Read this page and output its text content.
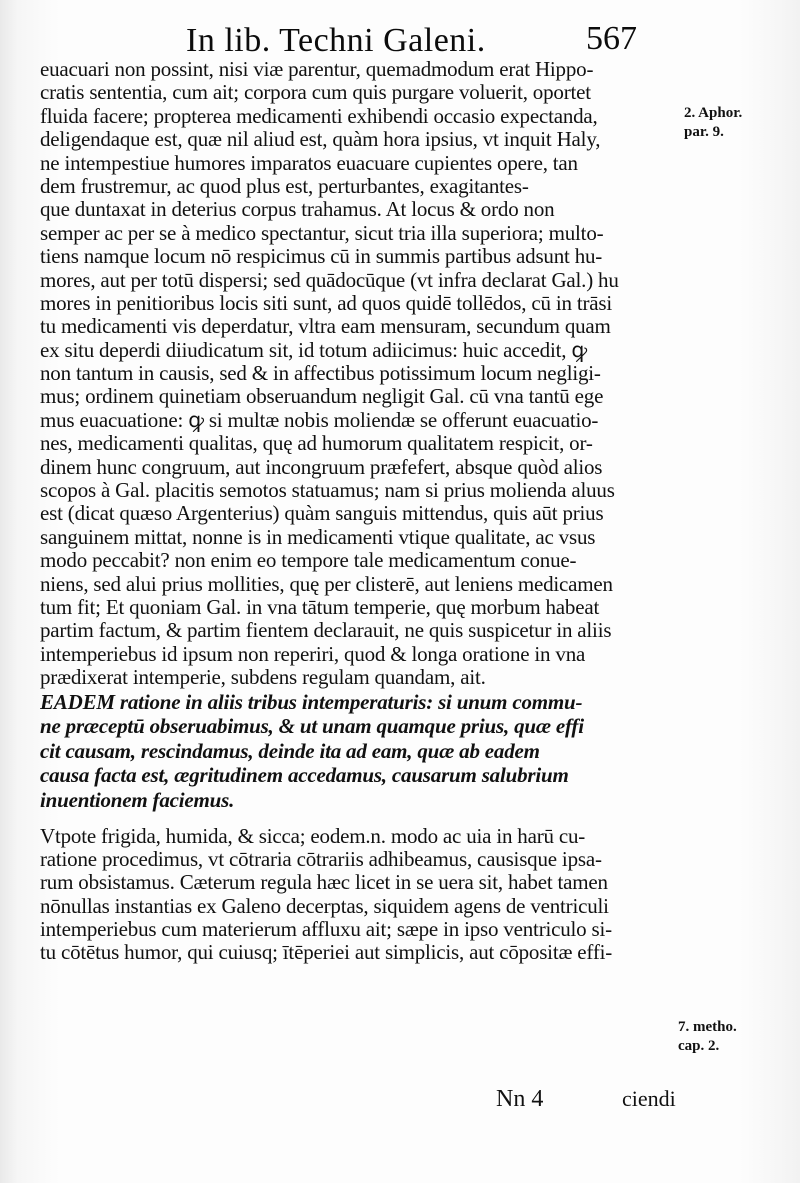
In lib. Techni Galeni.	567
euacuari non possint, nisi viæ parentur, quemadmodum erat Hippo-
cratis sententia, cum ait; corpora cum quis purgare voluerit, oportet
fluida facere; propterea medicamenti exhibendi occasio expectanda,
deligendaque est, quæ nil aliud est, quàm hora ipsius, vt inquit Haly,
ne intempestiue humores imparatos euacuare cupientes opere, tan
dem frustremur, ac quod plus est, perturbantes, exagitantes-
que duntaxat in deterius corpus trahamus. At locus & ordo non
semper ac per se à medico spectantur, sicut tria illa superiora; multo-
tiens namque locum nō respicimus cū in summis partibus adsunt hu-
mores, aut per totū dispersi; sed quādocūque (vt infra declarat Gal.) hu
mores in penitioribus locis siti sunt, ad quos quidē tollēdos, cū in trāsi
tu medicamenti vis deperdatur, vltra eam mensuram, secundum quam
ex situ deperdi diiudicatum sit, id totum adiicimus: huic accedit, ꝙ
non tantum in causis, sed & in affectibus potissimum locum negligi-
mus; ordinem quinetiam obseruandum negligit Gal. cū vna tantū ege
mus euacuatione: ꝙ si multæ nobis moliendæ se offerunt euacuatio-
nes, medicamenti qualitas, quę ad humorum qualitatem respicit, or-
dinem hunc congruum, aut incongruum præfefert, absque quòd alios
scopos à Gal. placitis semotos statuamus; nam si prius molienda aluus
est (dicat quæso Argenterius) quàm sanguis mittendus, quis aūt prius
sanguinem mittat, nonne is in medicamenti vtique qualitate, ac vsus
modo peccabit? non enim eo tempore tale medicamentum conue-
niens, sed alui prius mollities, quę per clisterē, aut leniens medicamen
tum fit; Et quoniam Gal. in vna tātum temperie, quę morbum habeat
partim factum, & partim fientem declarauit, ne quis suspicetur in aliis
intemperiebus id ipsum non reperiri, quod & longa oratione in vna
prædixerat intemperie, subdens regulam quandam, ait.
EADEM ratione in aliis tribus intemperaturis: si unum commu-
ne præceptū obseruabimus, & ut unam quamque prius, quæ effi
cit causam, rescindamus, deinde ita ad eam, quæ ab eadem
causa facta est, ægritudinem accedamus, causarum salubrium
inuentionem faciemus.
Vtpote frigida, humida, & sicca; eodem.n. modo ac uia in harū cu-
ratione procedimus, vt cōtraria cōtrariis adhibeamus, causisque ipsa-
rum obsistamus. Cæterum regula hæc licet in se uera sit, habet tamen
nōnullas instantias ex Galeno decerptas, siquidem agens de ventriculi
intemperiebus cum materierum affluxu ait; sæpe in ipso ventriculo si-
tu cōtētus humor, qui cuiusq; ītēperiei aut simplicis, aut cōpositæ effi-
2. Aphor.
par. 9.
7. metho.
cap. 2.
Nn 4	ciendi
